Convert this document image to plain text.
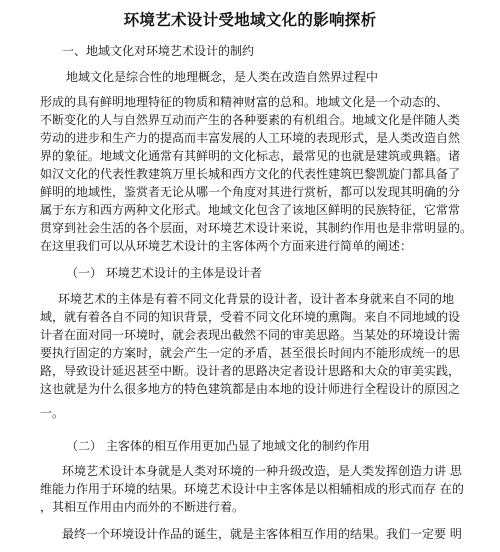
环境艺术设计受地域文化的影响探析
一、地域文化对环境艺术设计的制约
地域文化是综合性的地理概念，是人类在改造自然界过程中
形成的具有鲜明地理特征的物质和精神财富的总和。地域文化是一个动态的、
不断变化的人与自然界互动而产生的各种要素的有机组合。地域文化是伴随人类
劳动的进步和生产力的提高而丰富发展的人工环境的表现形式，是人类改造自然
界的象征。地域文化通常有其鲜明的文化标志，最常见的也就是建筑或典籍。诸
如汉文化的代表性教建筑万里长城和西方文化的代表性建筑巴黎凯旋门都具备了
鲜明的地域性，鉴赏者无论从哪一个角度对其进行赏析，都可以发现其明确的分
属于东方和西方两种文化形式。地域文化包含了该地区鲜明的民族特征，它常常
贯穿到社会生活的各个层面，对环境艺术设计来说，其制约作用也是非常明显的。
在这里我们可以从环境艺术设计的主客体两个方面来进行简单的阐述：
（一） 环境艺术设计的主体是设计者
环境艺术的主体是有着不同文化背景的设计者，设计者本身就来自不同的地
域，就有着各自不同的知识背景，受着不同文化环境的熏陶。来自不同地域的设
计者在面对同一环境时，就会表现出截然不同的审美思路。当某处的环境设计需
要执行固定的方案时，就会产生一定的矛盾，甚至很长时间内不能形成统一的思
路，导致设计延迟甚至中断。设计者的思路决定者设计思路和大众的审美实践，
这也就是为什么很多地方的特色建筑都是由本地的设计师进行全程设计的原因之
一。
（二） 主客体的相互作用更加凸显了地域文化的制约作用
环境艺术设计本身就是人类对环境的一种升级改造，是人类发挥创造力讲 思
维能力作用于环境的结果。环境艺术设计中主客体是以相辅相成的形式而存 在的
，其相互作用由内而外的不断进行着。
最终一个环境设计作品的诞生，就是主客体相互作用的结果。我们一定要 明
